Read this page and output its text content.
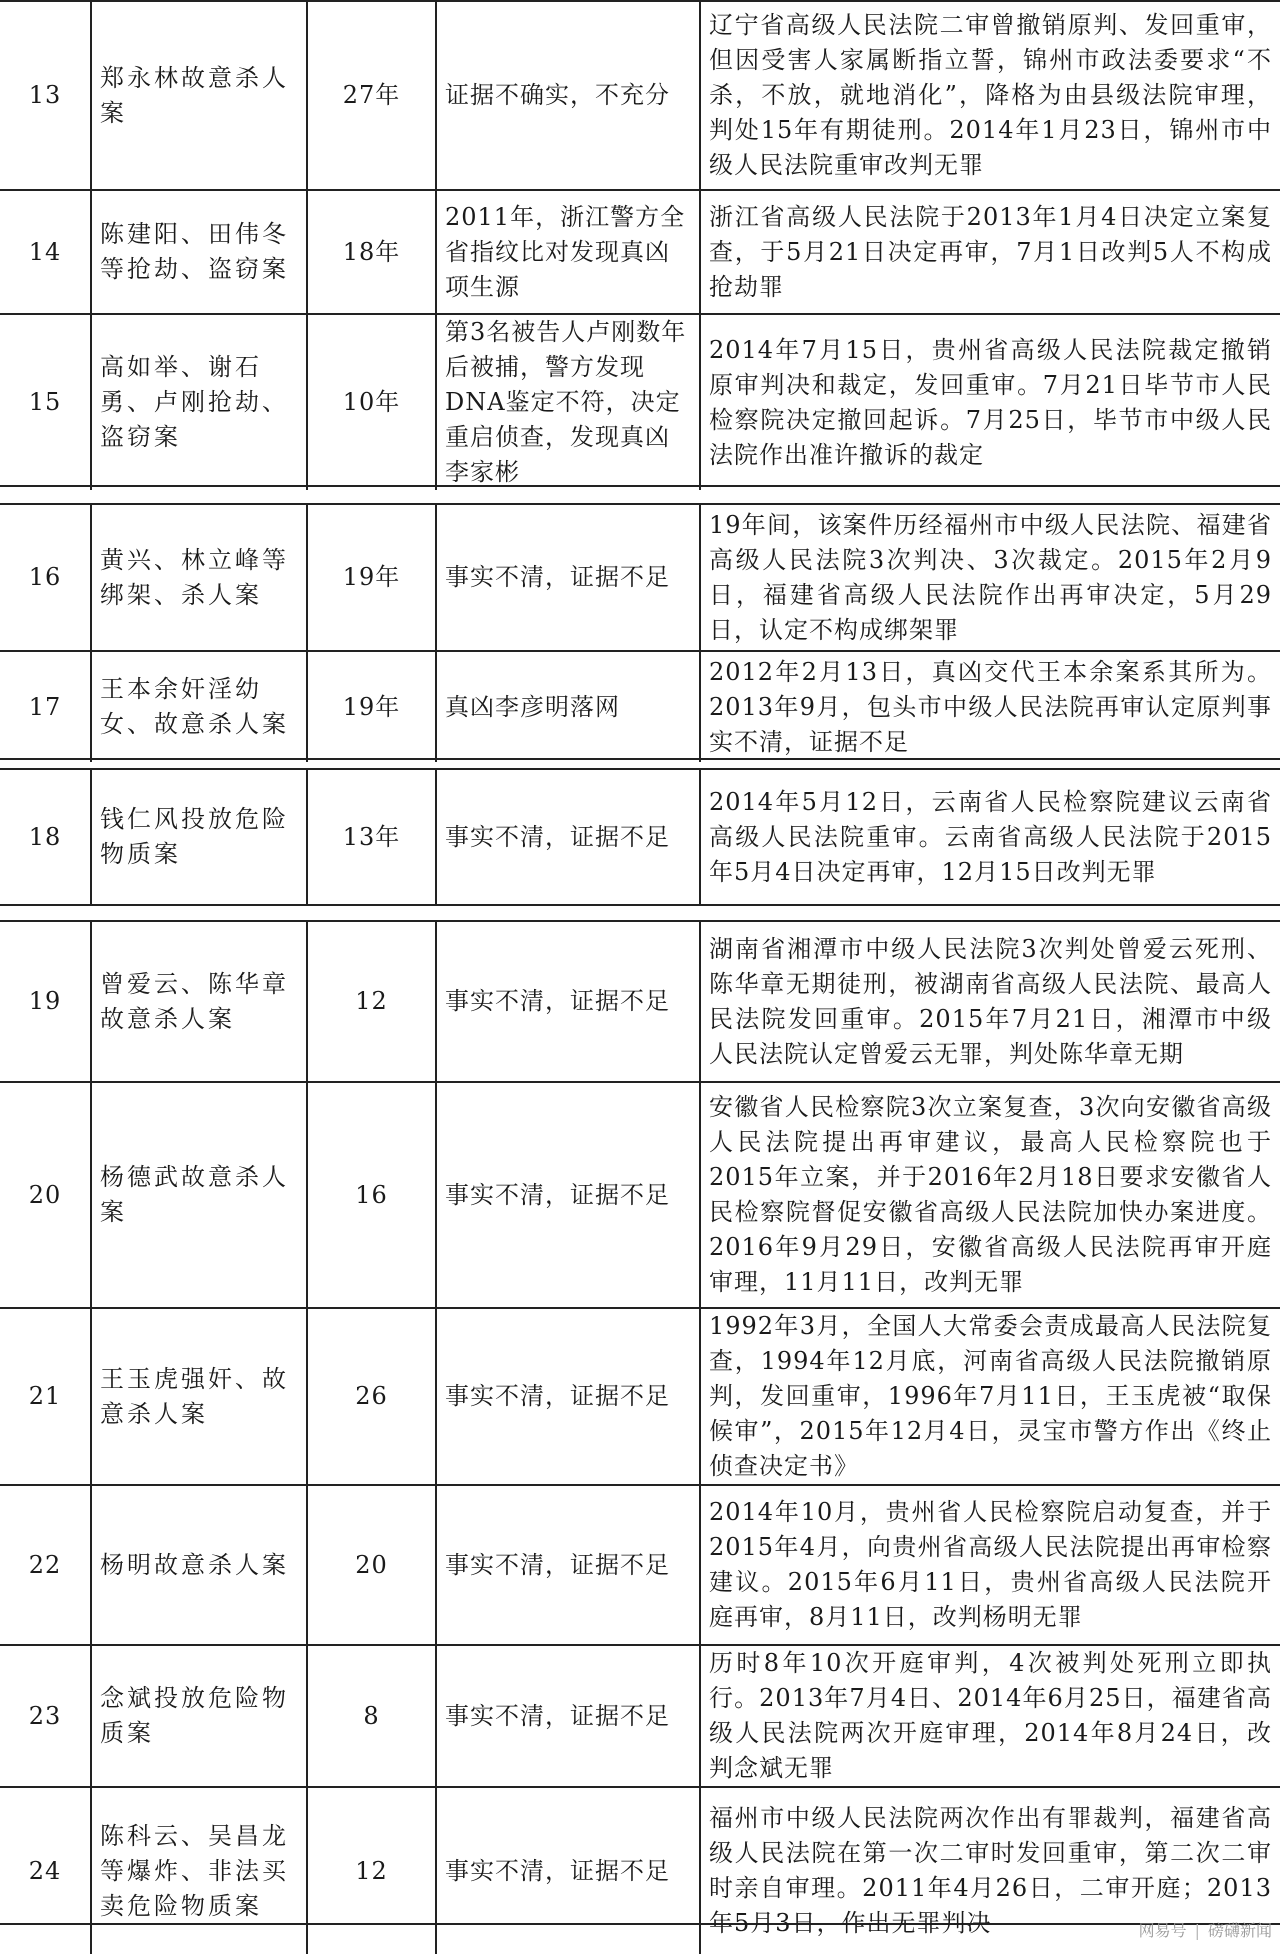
13	郑永林故意杀人案	27年	证据不确实，不充分	辽宁省高级人民法院二审曾撤销原判、发回重审，但因受害人家属断指立誓，锦州市政法委要求“不杀，不放，就地消化”，降格为由县级法院审理，判处15年有期徒刑。2014年1月23日，锦州市中级人民法院重审改判无罪
14	陈建阳、田伟冬等抢劫、盗窃案	18年	2011年，浙江警方全省指纹比对发现真凶项生源	浙江省高级人民法院于2013年1月4日决定立案复查，于5月21日决定再审，7月1日改判5人不构成抢劫罪
15	高如举、谢石勇、卢刚抢劫、盗窃案	10年	第3名被告人卢刚数年后被捕，警方发现DNA鉴定不符，决定重启侦查，发现真凶李家彬	2014年7月15日，贵州省高级人民法院裁定撤销原审判决和裁定，发回重审。7月21日毕节市人民检察院决定撤回起诉。7月25日，毕节市中级人民法院作出准许撤诉的裁定
16	黄兴、林立峰等绑架、杀人案	19年	事实不清，证据不足	19年间，该案件历经福州市中级人民法院、福建省高级人民法院3次判决、3次裁定。2015年2月9日，福建省高级人民法院作出再审决定，5月29日，认定不构成绑架罪
17	王本余奸淫幼女、故意杀人案	19年	真凶李彦明落网	2012年2月13日，真凶交代王本余案系其所为。2013年9月，包头市中级人民法院再审认定原判事实不清，证据不足
18	钱仁风投放危险物质案	13年	事实不清，证据不足	2014年5月12日，云南省人民检察院建议云南省高级人民法院重审。云南省高级人民法院于2015年5月4日决定再审，12月15日改判无罪
19	曾爱云、陈华章故意杀人案	12	事实不清，证据不足	湖南省湘潭市中级人民法院3次判处曾爱云死刑、陈华章无期徒刑，被湖南省高级人民法院、最高人民法院发回重审。2015年7月21日，湘潭市中级人民法院认定曾爱云无罪，判处陈华章无期
20	杨德武故意杀人案	16	事实不清，证据不足	安徽省人民检察院3次立案复查，3次向安徽省高级人民法院提出再审建议，最高人民检察院也于2015年立案，并于2016年2月18日要求安徽省人民检察院督促安徽省高级人民法院加快办案进度。2016年9月29日，安徽省高级人民法院再审开庭审理，11月11日，改判无罪
21	王玉虎强奸、故意杀人案	26	事实不清，证据不足	1992年3月，全国人大常委会责成最高人民法院复查，1994年12月底，河南省高级人民法院撤销原判，发回重审，1996年7月11日，王玉虎被“取保候审”，2015年12月4日，灵宝市警方作出《终止侦查决定书》
22	杨明故意杀人案	20	事实不清，证据不足	2014年10月，贵州省人民检察院启动复查，并于2015年4月，向贵州省高级人民法院提出再审检察建议。2015年6月11日，贵州省高级人民法院开庭再审，8月11日，改判杨明无罪
23	念斌投放危险物质案	8	事实不清，证据不足	历时8年10次开庭审判，4次被判处死刑立即执行。2013年7月4日、2014年6月25日，福建省高级人民法院两次开庭审理，2014年8月24日，改判念斌无罪
24	陈科云、吴昌龙等爆炸、非法买卖危险物质案	12	事实不清，证据不足	福州市中级人民法院两次作出有罪裁判，福建省高级人民法院在第一次二审时发回重审，第二次二审时亲自审理。2011年4月26日，二审开庭；2013年5月3日，作出无罪判决	网易号 | 磅礴新闻
